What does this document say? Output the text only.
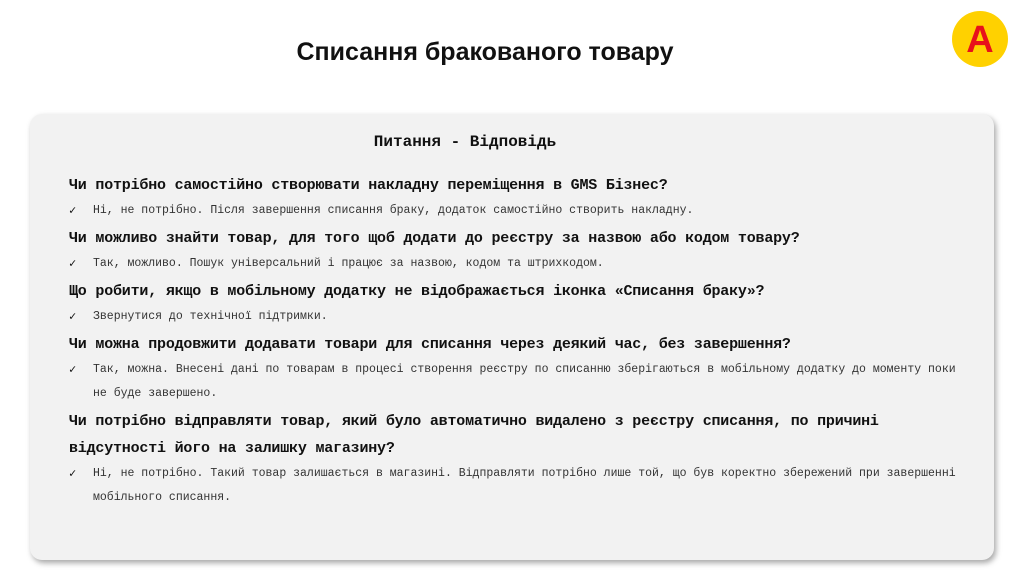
Списання бракованого товару	A
Питання - Відповідь
Чи потрібно самостійно створювати накладну переміщення в GMS Бізнес?
✓ Ні, не потрібно. Після завершення списання браку, додаток самостійно створить накладну.
Чи можливо знайти товар, для того щоб додати до реєстру за назвою або кодом товару?
✓ Так, можливо. Пошук універсальний і працює за назвою, кодом та штрихкодом.
Що робити, якщо в мобільному додатку не відображається іконка «Списання браку»?
✓ Звернутися до технічної підтримки.
Чи можна продовжити додавати товари для списання через деякий час, без завершення?
✓ Так, можна. Внесені дані по товарам в процесі створення реєстру по списанню зберігаються в мобільному додатку до моменту поки не буде завершено.
Чи потрібно відправляти товар, який було автоматично видалено з реєстру списання, по причині відсутності його на залишку магазину?
✓ Ні, не потрібно. Такий товар залишається в магазині. Відправляти потрібно лише той, що був коректно збережений при завершенні мобільного списання.
